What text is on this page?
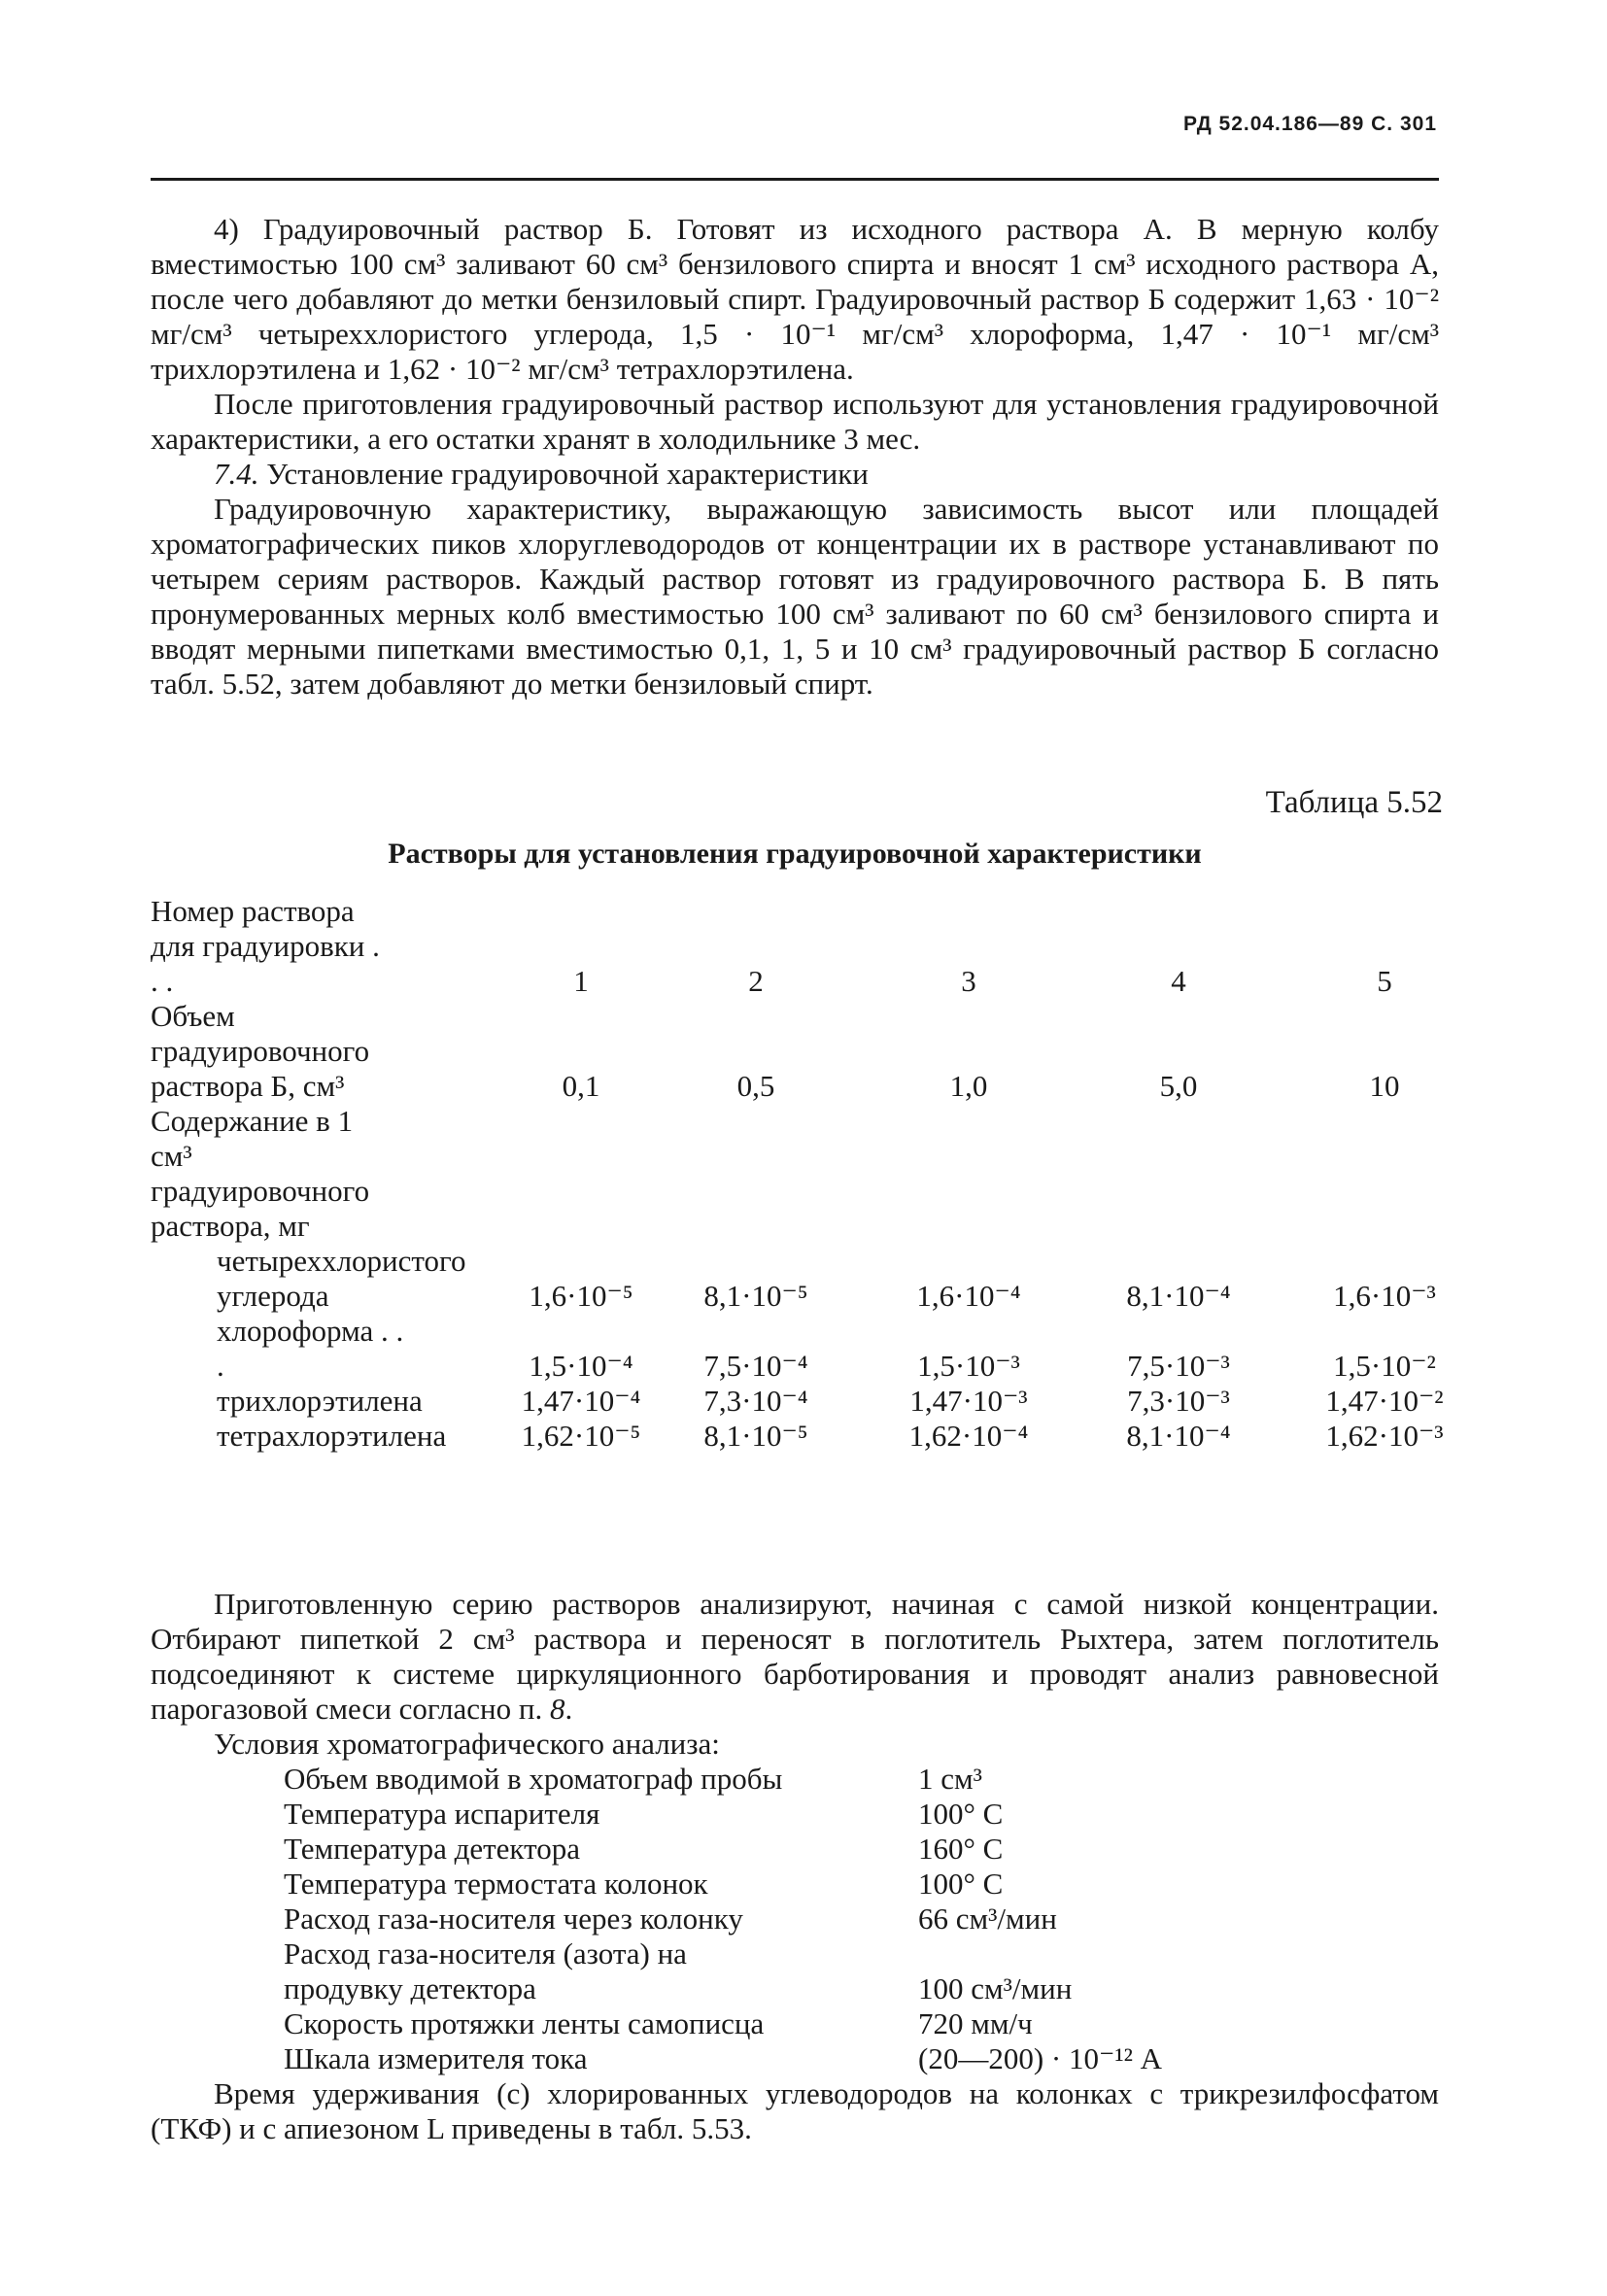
РД 52.04.186—89 С. 301

4) Градуировочный раствор Б. Готовят из исходного раствора А. В мерную колбу вместимостью 100 см³ заливают 60 см³ бензилового спирта и вносят 1 см³ исходного раствора А, после чего добавляют до метки бензиловый спирт. Градуировочный раствор Б содержит 1,63 · 10⁻² мг/см³ четыреххлористого углерода, 1,5 · 10⁻¹ мг/см³ хлороформа, 1,47 · 10⁻¹ мг/см³ трихлорэтилена и 1,62 · 10⁻² мг/см³ тетрахлорэтилена.

После приготовления градуировочный раствор используют для установления градуировочной характеристики, а его остатки хранят в холодильнике 3 мес.

7.4. Установление градуировочной характеристики

Градуировочную характеристику, выражающую зависимость высот или площадей хроматографических пиков хлоруглеводородов от концентрации их в растворе устанавливают по четырем сериям растворов. Каждый раствор готовят из градуировочного раствора Б. В пять пронумерованных мерных колб вместимостью 100 см³ заливают по 60 см³ бензилового спирта и вводят мерными пипетками вместимостью 0,1, 1, 5 и 10 см³ градуировочный раствор Б согласно табл. 5.52, затем добавляют до метки бензиловый спирт.

Таблица 5.52
Растворы для установления градуировочной характеристики
Номер раствора для градуировки . . .	1	2	3	4	5
Объем градуировочного раствора Б, см³	0,1	0,5	1,0	5,0	10
Содержание в 1 см³ градуировочного раствора, мг
четыреххлористого углерода	1,6·10⁻⁵	8,1·10⁻⁵	1,6·10⁻⁴	8,1·10⁻⁴	1,6·10⁻³
хлороформа . . .	1,5·10⁻⁴	7,5·10⁻⁴	1,5·10⁻³	7,5·10⁻³	1,5·10⁻²
трихлорэтилена	1,47·10⁻⁴	7,3·10⁻⁴	1,47·10⁻³	7,3·10⁻³	1,47·10⁻²
тетрахлорэтилена	1,62·10⁻⁵	8,1·10⁻⁵	1,62·10⁻⁴	8,1·10⁻⁴	1,62·10⁻³

Приготовленную серию растворов анализируют, начиная с самой низкой концентрации. Отбирают пипеткой 2 см³ раствора и переносят в поглотитель Рыхтера, затем поглотитель подсоединяют к системе циркуляционного барботирования и проводят анализ равновесной парогазовой смеси согласно п. 8.

Условия хроматографического анализа:

Объем вводимой в хроматограф пробы	1 см³
Температура испарителя	100° С
Температура детектора	160° С
Температура термостата колонок	100° С
Расход газа-носителя через колонку	66 см³/мин
Расход газа-носителя (азота) на
продувку детектора	100 см³/мин
Скорость протяжки ленты самописца	720 мм/ч
Шкала измерителя тока	(20—200) · 10⁻¹² А

Время удерживания (с) хлорированных углеводородов на колонках с трикрезилфосфатом (ТКФ) и с апиезоном L приведены в табл. 5.53.
